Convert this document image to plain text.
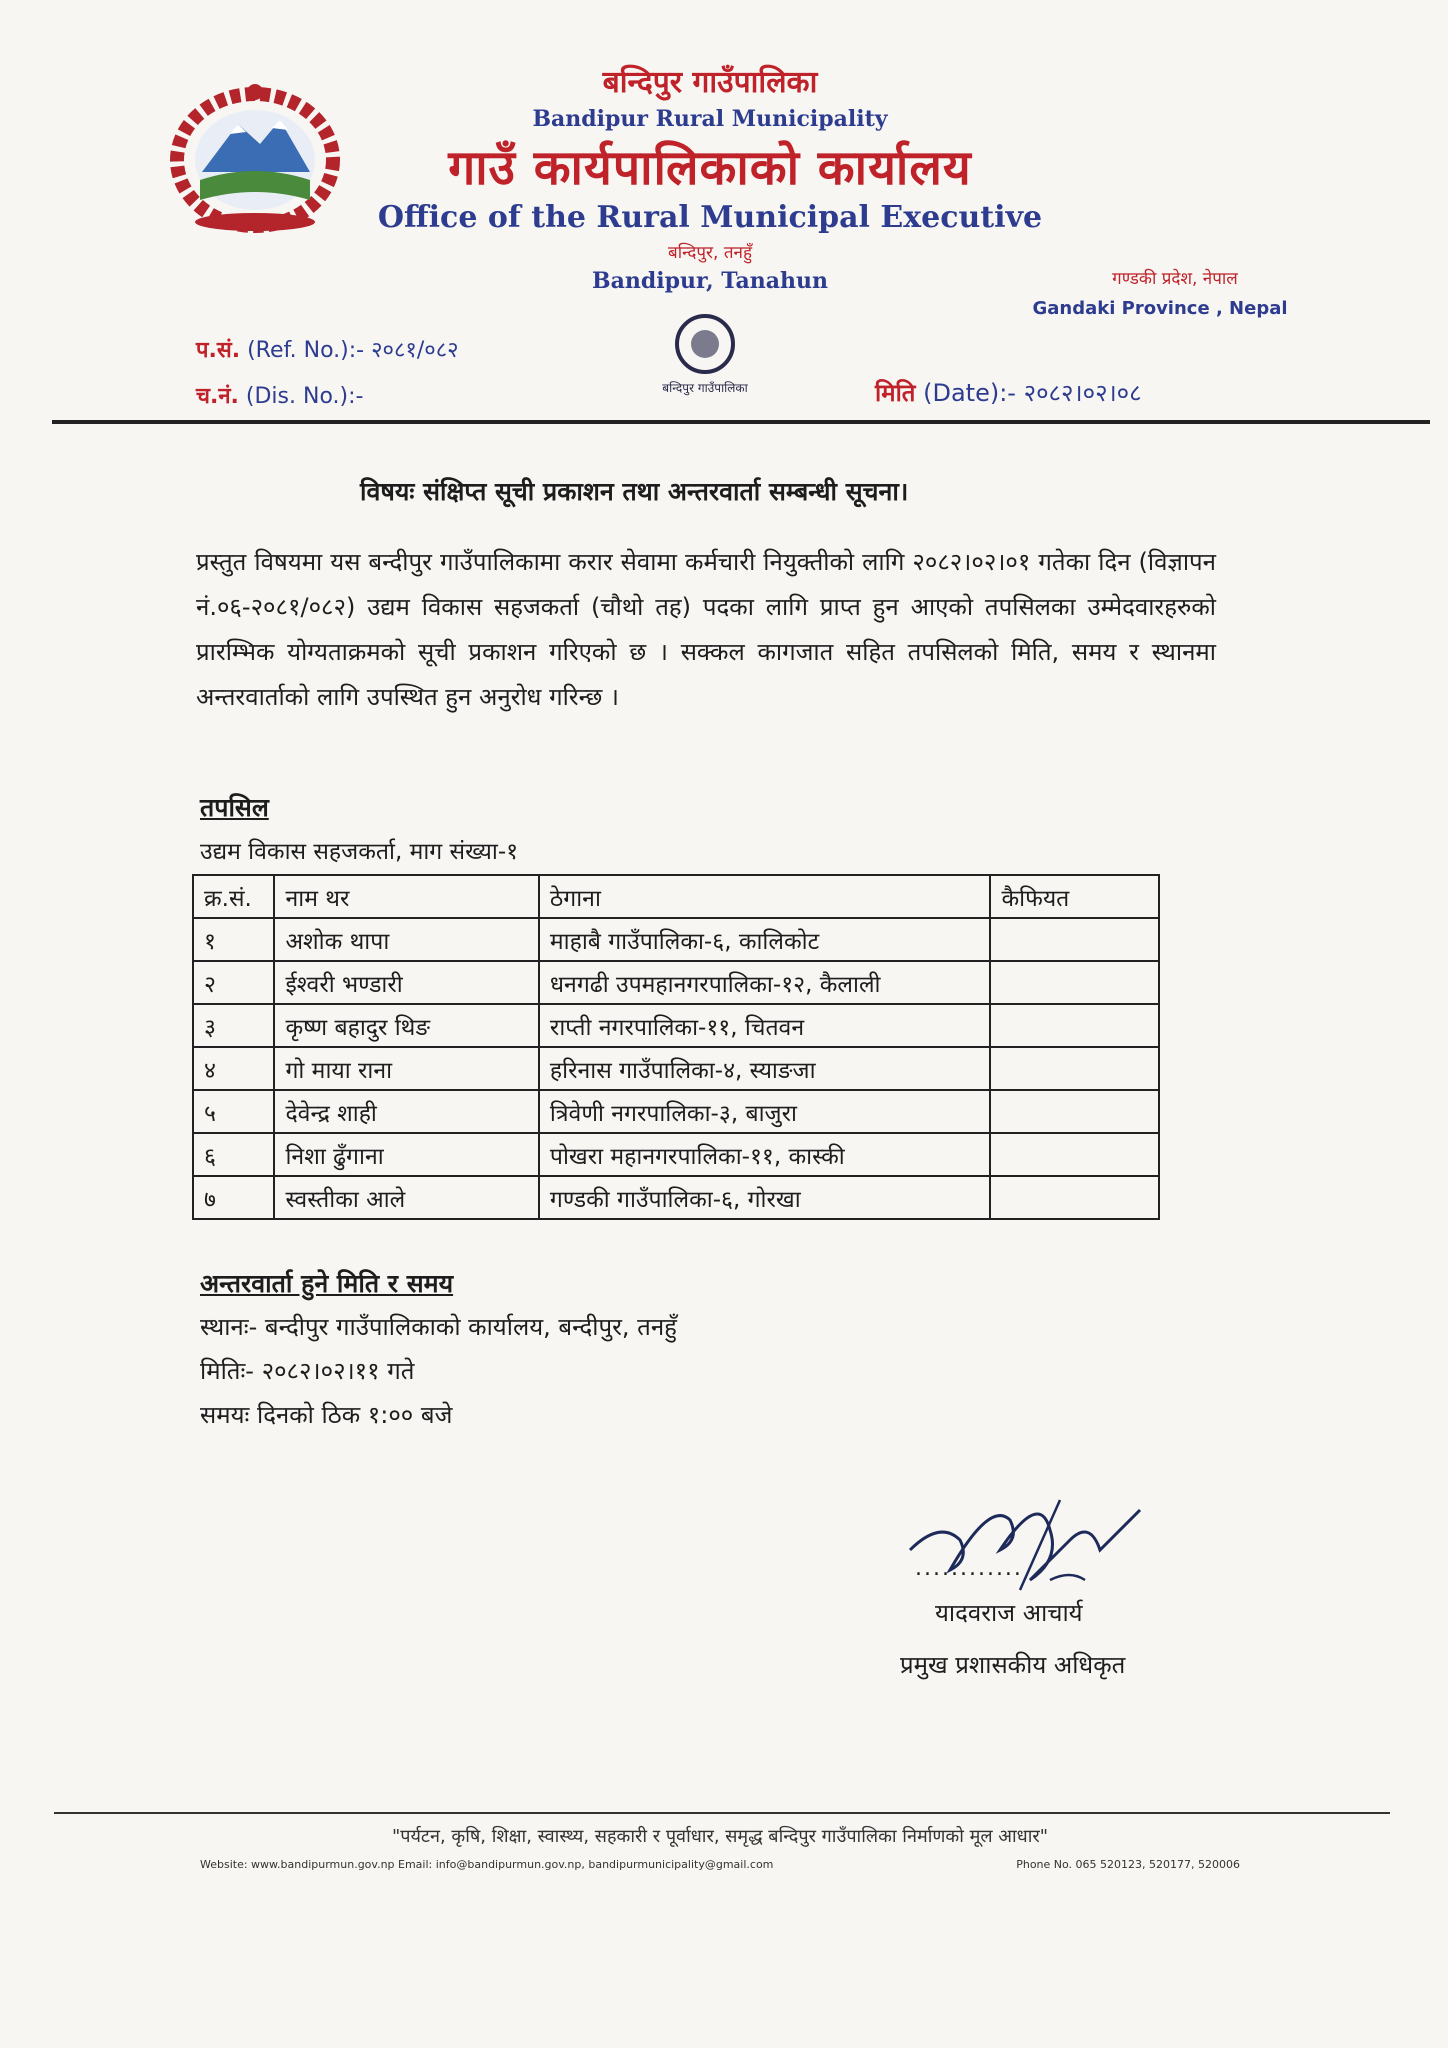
बन्दिपुर गाउँपालिका
Bandipur Rural Municipality
गाउँ कार्यपालिकाको कार्यालय
Office of the Rural Municipal Executive
बन्दिपुर, तनहुँ
Bandipur, Tanahun	गण्डकी प्रदेश, नेपाल
Gandaki Province , Nepal
प.सं. (Ref. No.):- २०८१/०८२
च.नं. (Dis. No.):-	मिति (Date):- २०८२।०२।०८
बन्दिपुर गाउँपालिका
विषयः संक्षिप्त सूची प्रकाशन तथा अन्तरवार्ता सम्बन्धी सूचना।
प्रस्तुत विषयमा यस बन्दीपुर गाउँपालिकामा करार सेवामा कर्मचारी नियुक्तीको लागि २०८२।०२।०१ गतेका दिन (विज्ञापन नं.०६-२०८१/०८२) उद्यम विकास सहजकर्ता (चौथो तह) पदका लागि प्राप्त हुन आएको तपसिलका उम्मेदवारहरुको प्रारम्भिक योग्यताक्रमको सूची प्रकाशन गरिएको छ । सक्कल कागजात सहित तपसिलको मिति, समय र स्थानमा अन्तरवार्ताको लागि उपस्थित हुन अनुरोध गरिन्छ ।
तपसिल
उद्यम विकास सहजकर्ता, माग संख्या-१
क्र.सं.	नाम थर	ठेगाना	कैफियत
१	अशोक थापा	माहाबै गाउँपालिका-६, कालिकोट	
२	ईश्वरी भण्डारी	धनगढी उपमहानगरपालिका-१२, कैलाली	
३	कृष्ण बहादुर थिङ	राप्ती नगरपालिका-११, चितवन	
४	गो माया राना	हरिनास गाउँपालिका-४, स्याङजा	
५	देवेन्द्र शाही	त्रिवेणी नगरपालिका-३, बाजुरा	
६	निशा ढुँगाना	पोखरा महानगरपालिका-११, कास्की	
७	स्वस्तीका आले	गण्डकी गाउँपालिका-६, गोरखा	
अन्तरवार्ता हुने मिति र समय
स्थानः- बन्दीपुर गाउँपालिकाको कार्यालय, बन्दीपुर, तनहुँ
मितिः- २०८२।०२।११ गते
समयः दिनको ठिक १:०० बजे
............
यादवराज आचार्य
प्रमुख प्रशासकीय अधिकृत
"पर्यटन, कृषि, शिक्षा, स्वास्थ्य, सहकारी र पूर्वाधार, समृद्ध बन्दिपुर गाउँपालिका निर्माणको मूल आधार"
Website: www.bandipurmun.gov.np Email: info@bandipurmun.gov.np, bandipurmunicipality@gmail.com	Phone No. 065 520123, 520177, 520006
